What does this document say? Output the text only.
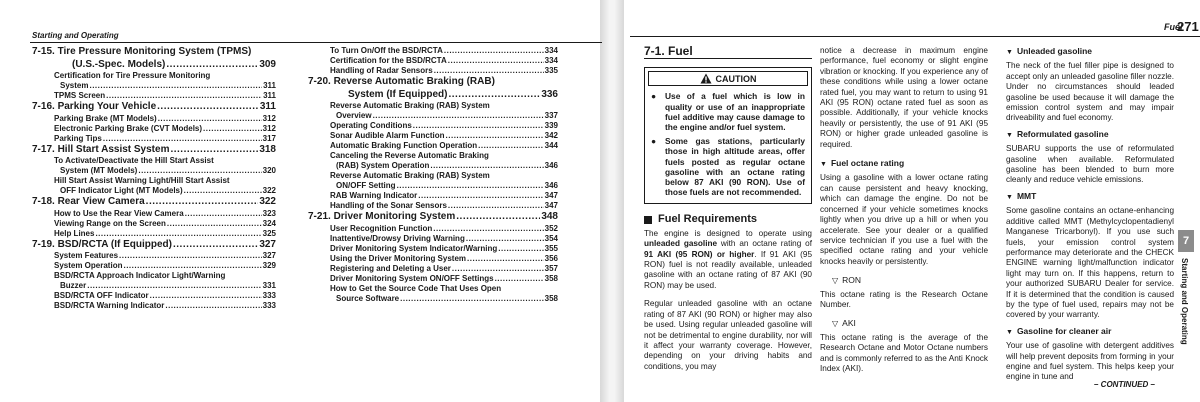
Starting and Operating
7-15. Tire Pressure Monitoring System (TPMS)
(U.S.-Spec. Models) .....	309
Certification for Tire Pressure Monitoring
System .....	311
TPMS Screen .....	311
7-16. Parking Your Vehicle .....	311
Parking Brake (MT Models) .....	312
Electronic Parking Brake (CVT Models) .....	312
Parking Tips .....	317
7-17. Hill Start Assist System .....	318
To Activate/Deactivate the Hill Start Assist
System (MT Models) .....	320
Hill Start Assist Warning Light/Hill Start Assist
OFF Indicator Light (MT Models) .....	322
7-18. Rear View Camera .....	322
How to Use the Rear View Camera .....	323
Viewing Range on the Screen .....	324
Help Lines .....	325
7-19. BSD/RCTA (If Equipped) .....	327
System Features .....	327
System Operation .....	329
BSD/RCTA Approach Indicator Light/Warning
Buzzer .....	331
BSD/RCTA OFF Indicator .....	333
BSD/RCTA Warning Indicator .....	333
To Turn On/Off the BSD/RCTA .....	334
Certification for the BSD/RCTA .....	334
Handling of Radar Sensors .....	335
7-20. Reverse Automatic Braking (RAB)
System (If Equipped) .....	336
Reverse Automatic Braking (RAB) System
Overview .....	337
Operating Conditions .....	339
Sonar Audible Alarm Function .....	342
Automatic Braking Function Operation .....	344
Canceling the Reverse Automatic Braking
(RAB) System Operation .....	346
Reverse Automatic Braking (RAB) System
ON/OFF Setting .....	346
RAB Warning Indicator .....	347
Handling of the Sonar Sensors .....	347
7-21. Driver Monitoring System .....	348
User Recognition Function .....	352
Inattentive/Drowsy Driving Warning .....	354
Driver Monitoring System Indicator/Warning .....	355
Using the Driver Monitoring System .....	356
Registering and Deleting a User .....	357
Driver Monitoring System ON/OFF Settings .....	358
How to Get the Source Code That Uses Open
Source Software .....	358
Fuel
271
7-1. Fuel
CAUTION
●	Use of a fuel which is low in quality or use of an inappropriate fuel additive may cause damage to the engine and/or fuel system.

●	Some gas stations, particularly those in high altitude areas, offer fuels posted as regular octane gasoline with an octane rating below 87 AKI (90 RON). Use of those fuels are not recommended.

Fuel Requirements

The engine is designed to operate using unleaded gasoline with an octane rating of 91 AKI (95 RON) or higher. If 91 AKI (95 RON) fuel is not readily available, unleaded gasoline with an octane rating of 87 AKI (90 RON) may be used.

Regular unleaded gasoline with an octane rating of 87 AKI (90 RON) or higher may also be used. Using regular unleaded gasoline will not be detrimental to engine durability, nor will it affect your warranty coverage. However, depending on your driving habits and conditions, you may

notice a decrease in maximum engine performance, fuel economy or slight engine vibration or knocking. If you experience any of these conditions while using a lower octane rated fuel, you may want to return to using 91 AKI (95 RON) octane rated fuel as soon as possible. Additionally, if your vehicle knocks heavily or persistently, the use of 91 AKI (95 RON) or higher grade unleaded gasoline is required.

▼ Fuel octane rating

Using a gasoline with a lower octane rating can cause persistent and heavy knocking, which can damage the engine. Do not be concerned if your vehicle sometimes knocks lightly when you drive up a hill or when you accelerate. See your dealer or a qualified service technician if you use a fuel with the specified octane rating and your vehicle knocks heavily or persistently.

▽ RON

This octane rating is the Research Octane Number.

▽ AKI

This octane rating is the average of the Research Octane and Motor Octane numbers and is commonly referred to as the Anti Knock Index (AKI).

▼ Unleaded gasoline

The neck of the fuel filler pipe is designed to accept only an unleaded gasoline filler nozzle. Under no circumstances should leaded gasoline be used because it will damage the emission control system and may impair driveability and fuel economy.

▼ Reformulated gasoline

SUBARU supports the use of reformulated gasoline when available. Reformulated gasoline has been blended to burn more cleanly and reduce vehicle emissions.

▼ MMT

Some gasoline contains an octane-enhancing additive called MMT (Methylcyclopentadienyl Manganese Tricarbonyl). If you use such fuels, your emission control system performance may deteriorate and the CHECK ENGINE warning light/malfunction indicator light may turn on. If this happens, return to your authorized SUBARU Dealer for service. If it is determined that the condition is caused by the type of fuel used, repairs may not be covered by your warranty.

▼ Gasoline for cleaner air

Your use of gasoline with detergent additives will help prevent deposits from forming in your engine and fuel system. This helps keep your engine in tune and

– CONTINUED –
7
Starting and Operating
